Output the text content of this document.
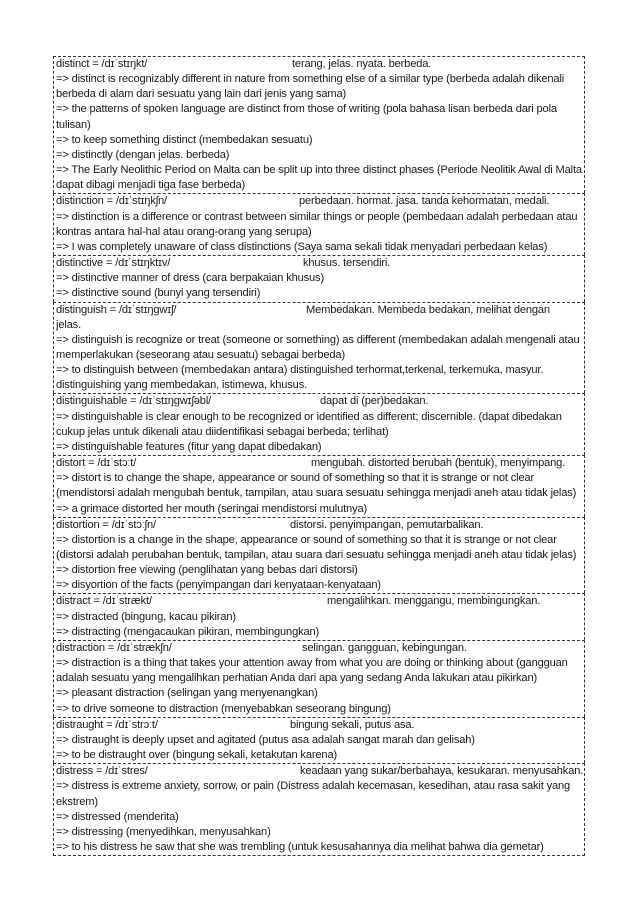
distinct = /dɪˈstɪŋkt/	terang, jelas. nyata. berbeda.
=> distinct is recognizably different in nature from something else of a similar type (berbeda adalah dikenali berbeda di alam dari sesuatu yang lain dari jenis yang sama)
=> the patterns of spoken language are distinct from those of writing (pola bahasa lisan berbeda dari pola tulisan)
=> to keep something distinct (membedakan sesuatu)
=> distinctly (dengan jelas. berbeda)
=> The Early Neolithic Period on Malta can be split up into three distinct phases (Periode Neolitik Awal di Malta dapat dibagi menjadi tiga fase berbeda)
distinction = /dɪˈstɪŋkʃn/	perbedaan. hormat. jasa. tanda kehormatan, medali.
=> distinction is a difference or contrast between similar things or people (pembedaan adalah perbedaan atau kontras antara hal-hal atau orang-orang yang serupa)
=> I was completely unaware of class distinctions (Saya sama sekali tidak menyadari perbedaan kelas)
distinctive = /dɪˈstɪŋktɪv/	khusus. tersendiri.
=> distinctive manner of dress (cara berpakaian khusus)
=> distinctive sound (bunyi yang tersendiri)
distinguish = /dɪˈstɪŋɡwɪʃ/	Membedakan. Membeda bedakan, melihat dengan
jelas.
=> distinguish is recognize or treat (someone or something) as different (membedakan adalah mengenali atau memperlakukan (seseorang atau sesuatu) sebagai berbeda)
=> to distinguish between (membedakan antara) distinguished terhormat,terkenal, terkemuka, masyur. distinguishing yang membedakan, istimewa, khusus.
distinguishable = /dɪˈstɪŋɡwɪʃəbl/	dapat di (per)bedakan.
=> distinguishable is clear enough to be recognized or identified as different; discernible. (dapat dibedakan cukup jelas untuk dikenali atau diidentifikasi sebagai berbeda; terlihat)
=> distinguishable features (fitur yang dapat dibedakan)
distort = /dɪˈstɔːt/	mengubah. distorted berubah (bentuk), menyimpang.
=> distort is to change the shape, appearance or sound of something so that it is strange or not clear (mendistorsi adalah mengubah bentuk, tampilan, atau suara sesuatu sehingga menjadi aneh atau tidak jelas)
=> a grimace distorted her mouth (seringai mendistorsi mulutnya)
distortion = /dɪˈstɔːʃn/	distorsi. penyimpangan, pemutarbalikan.
=> distortion is a change in the shape, appearance or sound of something so that it is strange or not clear (distorsi adalah perubahan bentuk, tampilan, atau suara dari sesuatu sehingga menjadi aneh atau tidak jelas)
=> distortion free viewing (penglihatan yang bebas dari distorsi)
=> disyortion of the facts (penyimpangan dari kenyataan-kenyataan)
distract = /dɪˈstrækt/	mengalihkan. menggangu, membingungkan.
=> distracted (bingung, kacau pikiran)
=> distracting (mengacaukan pikiran, membingungkan)
distraction = /dɪˈstrækʃn/	selingan. gangguan, kebingungan.
=> distraction is a thing that takes your attention away from what you are doing or thinking about (gangguan adalah sesuatu yang mengalihkan perhatian Anda dari apa yang sedang Anda lakukan atau pikirkan)
=> pleasant distraction (selingan yang menyenangkan)
=> to drive someone to distraction (menyebabkan seseorang bingung)
distraught = /dɪˈstrɔːt/	bingung sekali, putus asa.
=> distraught is deeply upset and agitated (putus asa adalah sangat marah dan gelisah)
=> to be distraught over (bingung sekali, ketakutan karena)
distress = /dɪˈstres/	keadaan yang sukar/berbahaya, kesukaran. menyusahkan.
=> distress is extreme anxiety, sorrow, or pain (Distress adalah kecemasan, kesedihan, atau rasa sakit yang ekstrem)
=> distressed (menderita)
=> distressing (menyedihkan, menyusahkan)
=> to his distress he saw that she was trembling (untuk kesusahannya dia melihat bahwa dia gemetar)
